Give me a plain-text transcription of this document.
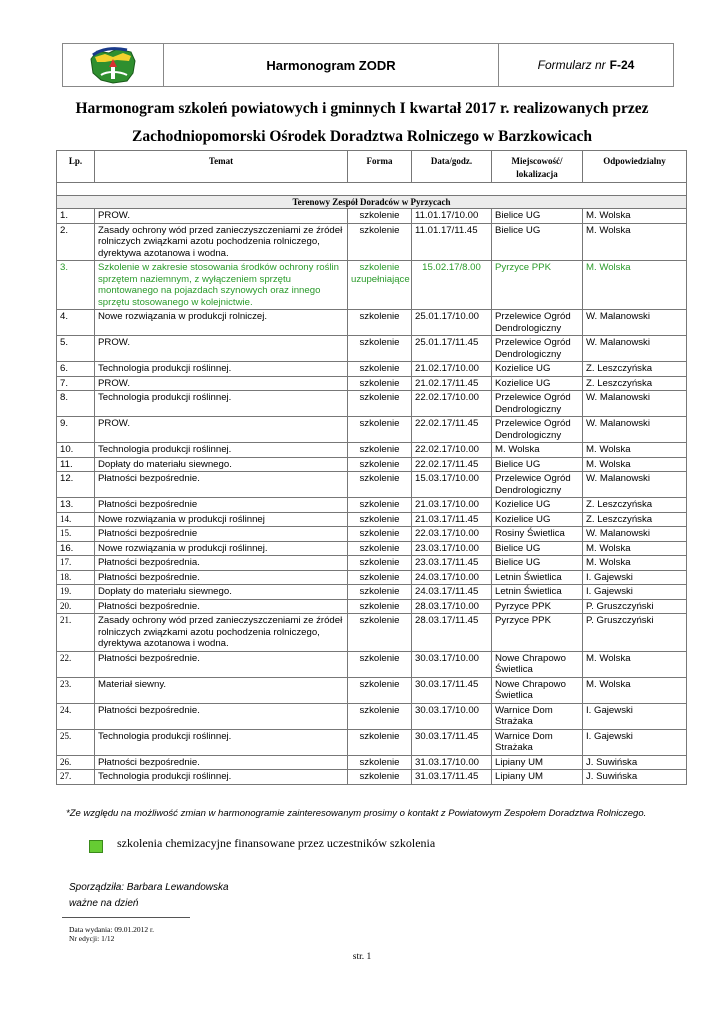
Harmonogram ZODR	Formularz nr F-24
Harmonogram szkoleń powiatowych i gminnych I kwartał 2017 r. realizowanych przez
Zachodniopomorski Ośrodek Doradztwa Rolniczego w Barzkowicach
Lp.	Temat	Forma	Data/godz.	Miejscowość/ lokalizacja	Odpowiedzialny

Terenowy Zespół Doradców w Pyrzycach					
1.	PROW.	szkolenie	11.01.17/10.00	Bielice UG	M. Wolska
2.	Zasady ochrony wód przed zanieczyszczeniami ze źródeł rolniczych związkami azotu pochodzenia rolniczego, dyrektywa azotanowa i wodna.	szkolenie	11.01.17/11.45	Bielice UG	M. Wolska
3.	Szkolenie w zakresie stosowania środków ochrony roślin sprzętem naziemnym, z wyłączeniem sprzętu montowanego na pojazdach szynowych oraz innego sprzętu stosowanego w kolejnictwie.	szkolenie uzupełniające	15.02.17/8.00	Pyrzyce PPK	M. Wolska
4.	Nowe rozwiązania w produkcji rolniczej.	szkolenie	25.01.17/10.00	Przelewice Ogród Dendrologiczny	W. Malanowski
5.	PROW.	szkolenie	25.01.17/11.45	Przelewice Ogród Dendrologiczny	W. Malanowski
6.	Technologia produkcji roślinnej.	szkolenie	21.02.17/10.00	Kozielice UG	Z. Leszczyńska
7.	PROW.	szkolenie	21.02.17/11.45	Kozielice UG	Z. Leszczyńska
8.	Technologia produkcji roślinnej.	szkolenie	22.02.17/10.00	Przelewice Ogród Dendrologiczny	W. Malanowski
9.	PROW.	szkolenie	22.02.17/11.45	Przelewice Ogród Dendrologiczny	W. Malanowski
10.	Technologia produkcji roślinnej.	szkolenie	22.02.17/10.00	M. Wolska	M. Wolska
11.	Dopłaty do materiału siewnego.	szkolenie	22.02.17/11.45	Bielice UG	M. Wolska
12.	Płatności bezpośrednie.	szkolenie	15.03.17/10.00	Przelewice Ogród Dendrologiczny	W. Malanowski
13.	Płatności bezpośrednie	szkolenie	21.03.17/10.00	Kozielice UG	Z. Leszczyńska
14.	Nowe rozwiązania w produkcji roślinnej	szkolenie	21.03.17/11.45	Kozielice UG	Z. Leszczyńska
15.	Płatności bezpośrednie	szkolenie	22.03.17/10.00	Rosiny Świetlica	W. Malanowski
16.	Nowe rozwiązania w produkcji roślinnej.	szkolenie	23.03.17/10.00	Bielice UG	M. Wolska
17.	Płatności bezpośrednia.	szkolenie	23.03.17/11.45	Bielice UG	M. Wolska
18.	Płatności bezpośrednie.	szkolenie	24.03.17/10.00	Letnin Świetlica	I. Gajewski
19.	Dopłaty do materiału siewnego.	szkolenie	24.03.17/11.45	Letnin Świetlica	I. Gajewski
20.	Płatności bezpośrednie.	szkolenie	28.03.17/10.00	Pyrzyce PPK	P. Gruszczyński
21.	Zasady ochrony wód przed zanieczyszczeniami ze źródeł rolniczych związkami azotu pochodzenia rolniczego, dyrektywa azotanowa i wodna.	szkolenie	28.03.17/11.45	Pyrzyce PPK	P. Gruszczyński
22.	Płatności bezpośrednie.	szkolenie	30.03.17/10.00	Nowe Chrapowo Świetlica	M. Wolska
23.	Materiał siewny.	szkolenie	30.03.17/11.45	Nowe Chrapowo Świetlica	M. Wolska
24.	Płatności bezpośrednie.	szkolenie	30.03.17/10.00	Warnice Dom Strażaka	I. Gajewski
25.	Technologia produkcji roślinnej.	szkolenie	30.03.17/11.45	Warnice Dom Strażaka	I. Gajewski
26.	Płatności bezpośrednie.	szkolenie	31.03.17/10.00	Lipiany UM	J. Suwińska
27.	Technologia produkcji roślinnej.	szkolenie	31.03.17/11.45	Lipiany UM	J. Suwińska
*Ze względu na możliwość zmian w harmonogramie zainteresowanym prosimy o kontakt z Powiatowym Zespołem Doradztwa Rolniczego.
szkolenia chemizacyjne finansowane przez uczestników szkolenia
Sporządziła: Barbara Lewandowska
ważne na dzień
Data wydania: 09.01.2012 r.
Nr edycji: 1/12
str. 1
